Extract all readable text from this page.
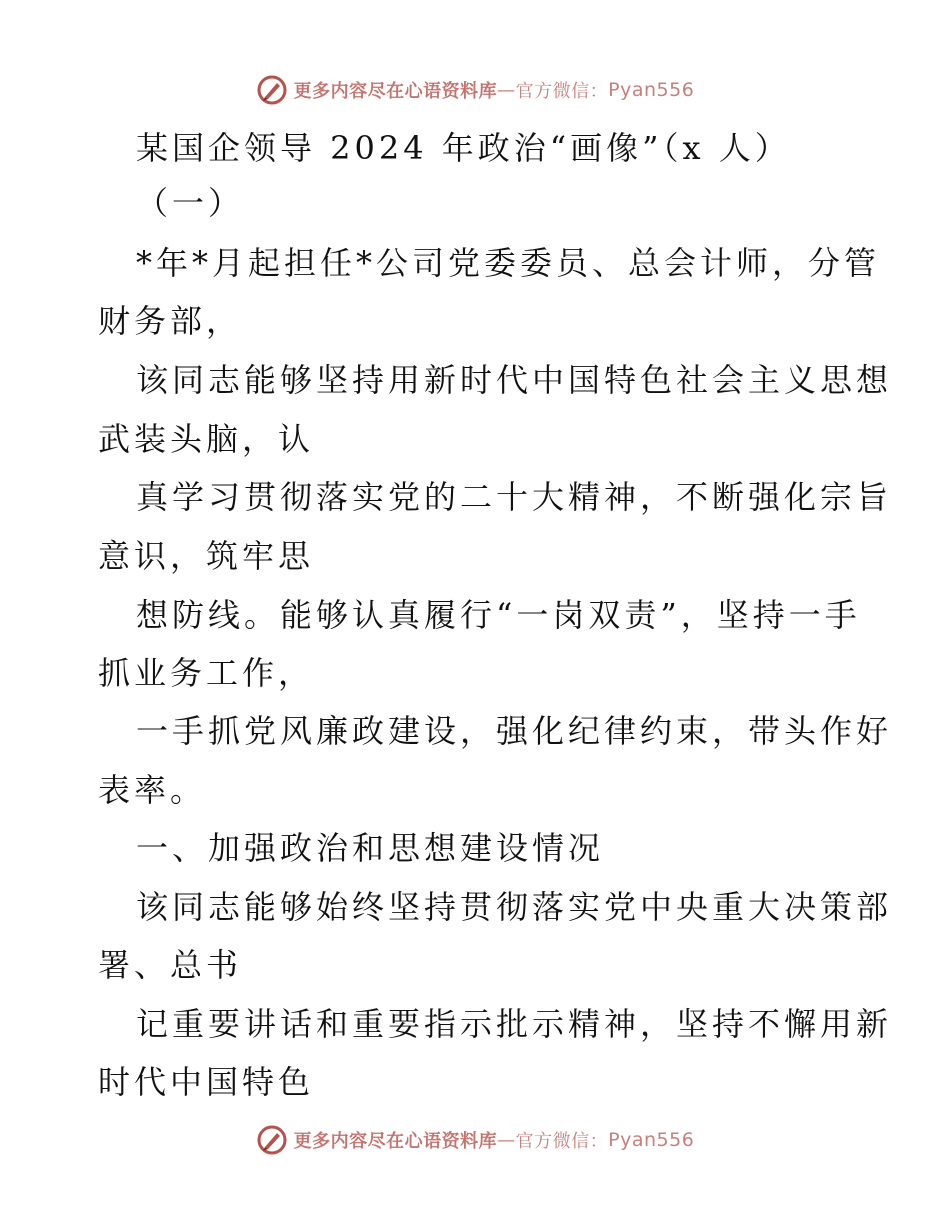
更多内容尽在心语资料库 — 官方微信： Pyan556
某国企领导 2024 年政治“画像”（x 人）
（一）
*年*月起担任*公司党委委员、总会计师，分管
财务部，
该同志能够坚持用新时代中国特色社会主义思想
武装头脑，认
真学习贯彻落实党的二十大精神，不断强化宗旨
意识，筑牢思
想防线。能够认真履行“一岗双责”，坚持一手
抓业务工作，
一手抓党风廉政建设，强化纪律约束，带头作好
表率。
一、加强政治和思想建设情况
该同志能够始终坚持贯彻落实党中央重大决策部
署、总书
记重要讲话和重要指示批示精神，坚持不懈用新
时代中国特色
更多内容尽在心语资料库 — 官方微信： Pyan556
